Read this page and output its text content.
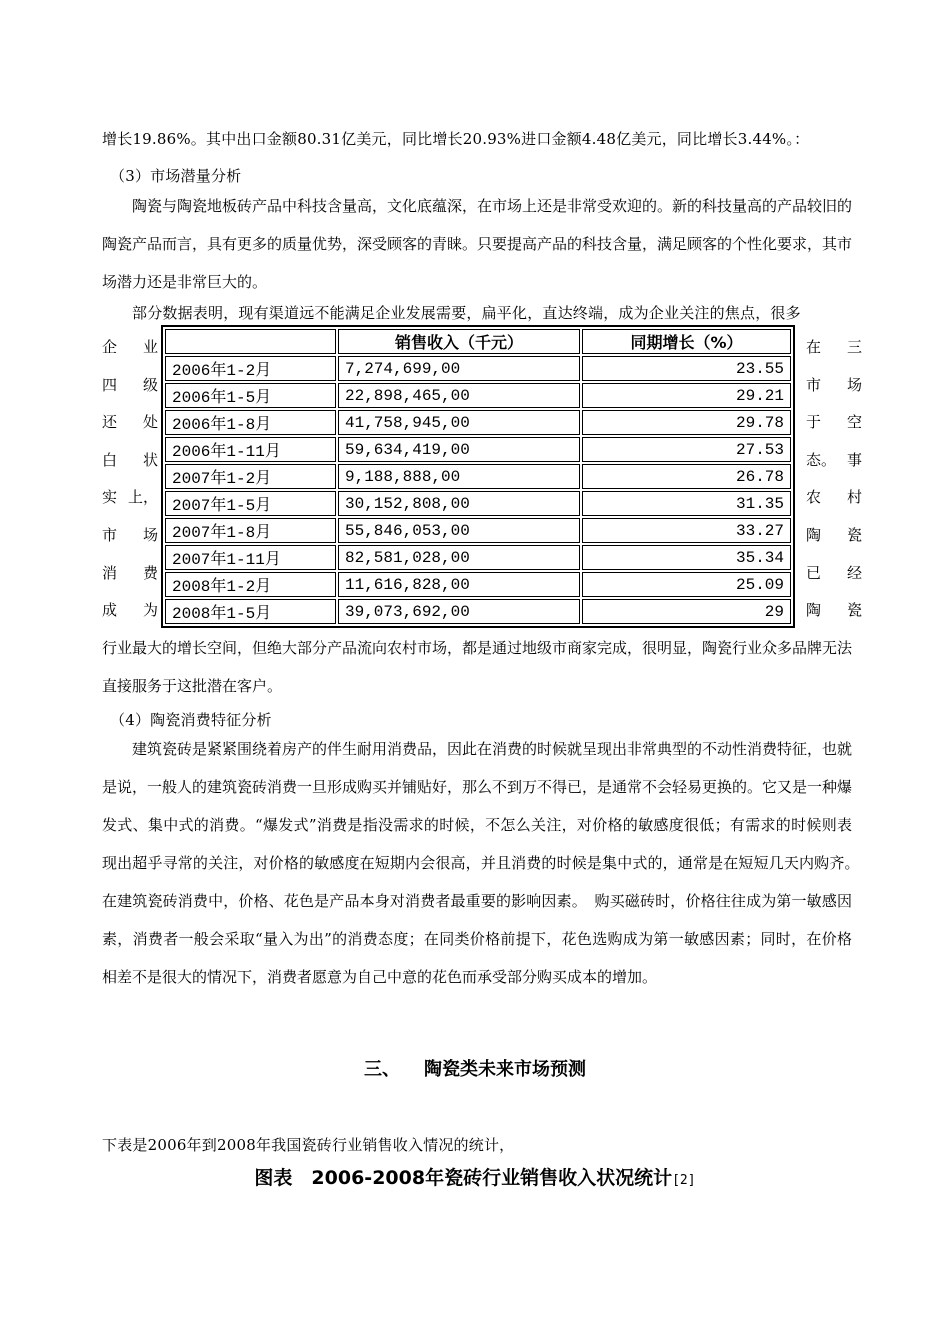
增长19.86%。其中出口金额80.31亿美元，同比增长20.93%进口金额4.48亿美元，同比增长3.44%。：
（3）市场潜量分析

陶瓷与陶瓷地板砖产品中科技含量高，文化底蕴深，在市场上还是非常受欢迎的。新的科技量高的产品较旧的陶瓷产品而言，具有更多的质量优势，深受顾客的青睐。只要提高产品的科技含量，满足顾客的个性化要求，其市场潜力还是非常巨大的。

部分数据表明，现有渠道远不能满足企业发展需要，扁平化，直达终端，成为企业关注的焦点，很多
企 业
四 级
还 处
白 状
实 上，
市 场
消 费
成 为
在 三
市 场
于 空
态。 事
农 村
陶 瓷
已 经
陶 瓷
	销售收入（千元）	同期增长（%）
2006年1-2月	7,274,699,00	23.55
2006年1-5月	22,898,465,00	29.21
2006年1-8月	41,758,945,00	29.78
2006年1-11月	59,634,419,00	27.53
2007年1-2月	9,188,888,00	26.78
2007年1-5月	30,152,808,00	31.35
2007年1-8月	55,846,053,00	33.27
2007年1-11月	82,581,028,00	35.34
2008年1-2月	11,616,828,00	25.09
2008年1-5月	39,073,692,00	29

行业最大的增长空间，但绝大部分产品流向农村市场，都是通过地级市商家完成，很明显，陶瓷行业众多品牌无法直接服务于这批潜在客户。

（4）陶瓷消费特征分析

建筑瓷砖是紧紧围绕着房产的伴生耐用消费品，因此在消费的时候就呈现出非常典型的不动性消费特征，也就是说，一般人的建筑瓷砖消费一旦形成购买并铺贴好，那么不到万不得已，是通常不会轻易更换的。它又是一种爆发式、集中式的消费。“爆发式”消费是指没需求的时候，不怎么关注，对价格的敏感度很低；有需求的时候则表现出超乎寻常的关注，对价格的敏感度在短期内会很高，并且消费的时候是集中式的，通常是在短短几天内购齐。　　在建筑瓷砖消费中，价格、花色是产品本身对消费者最重要的影响因素。　购买磁砖时，价格往往成为第一敏感因素，消费者一般会采取“量入为出”的消费态度；在同类价格前提下，花色选购成为第一敏感因素；同时，在价格相差不是很大的情况下，消费者愿意为自己中意的花色而承受部分购买成本的增加。

三、 陶瓷类未来市场预测
下表是2006年到2008年我国瓷砖行业销售收入情况的统计，
图表　2006-2008年瓷砖行业销售收入状况统计[2]
